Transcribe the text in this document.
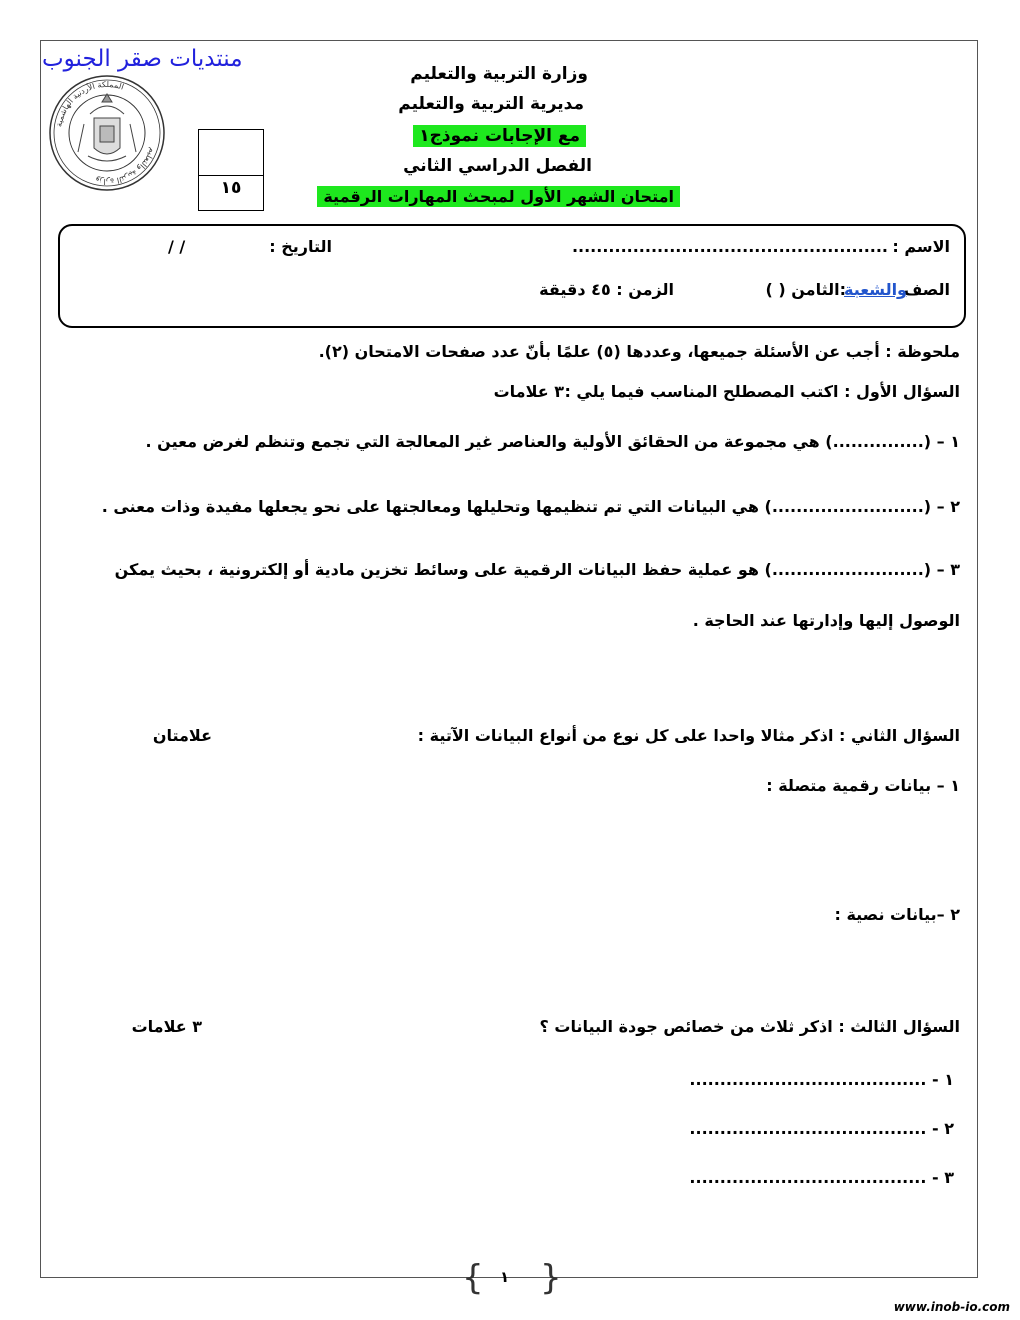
منتديات صقر الجنوب
المملكة الأردنية الهاشمية
وزارة التربية والتعليم
وزارة التربية والتعليم
مديرية التربية والتعليم
مع الإجابات نموذج١
الفصل الدراسي الثاني
امتحان الشهر الأول لمبحث المهارات الرقمية
١٥
الاسم :
....................................................
التاريخ :
/ /
الصف
والشعبة
:الثامن ( )
الزمن : ٤٥ دقيقة
ملحوظة : أجب عن الأسئلة جميعها، وعددها (٥) علمًا بأنّ عدد صفحات الامتحان (٢).
السؤال الأول : اكتب المصطلح المناسب فيما يلي :
٣ علامات
١ – (...............) هي مجموعة من الحقائق الأولية والعناصر غير المعالجة التي تجمع وتنظم لغرض معين .
٢ – (.........................) هي البيانات التي تم تنظيمها وتحليلها ومعالجتها على نحو يجعلها مفيدة وذات معنى .
٣ – (.........................) هو عملية حفظ البيانات الرقمية على وسائط تخزين مادية أو إلكترونية ، بحيث يمكن
الوصول إليها وإدارتها عند الحاجة .
السؤال الثاني : اذكر مثالا واحدا على كل نوع من أنواع البيانات الآتية :
علامتان
١ – بيانات رقمية متصلة :
٢ –بيانات نصية :
السؤال الثالث : اذكر ثلاث من خصائص جودة البيانات ؟
٣ علامات
١ - .......................................
٢ - .......................................
٣ - .......................................
{ }
١
www.inob-io.com
